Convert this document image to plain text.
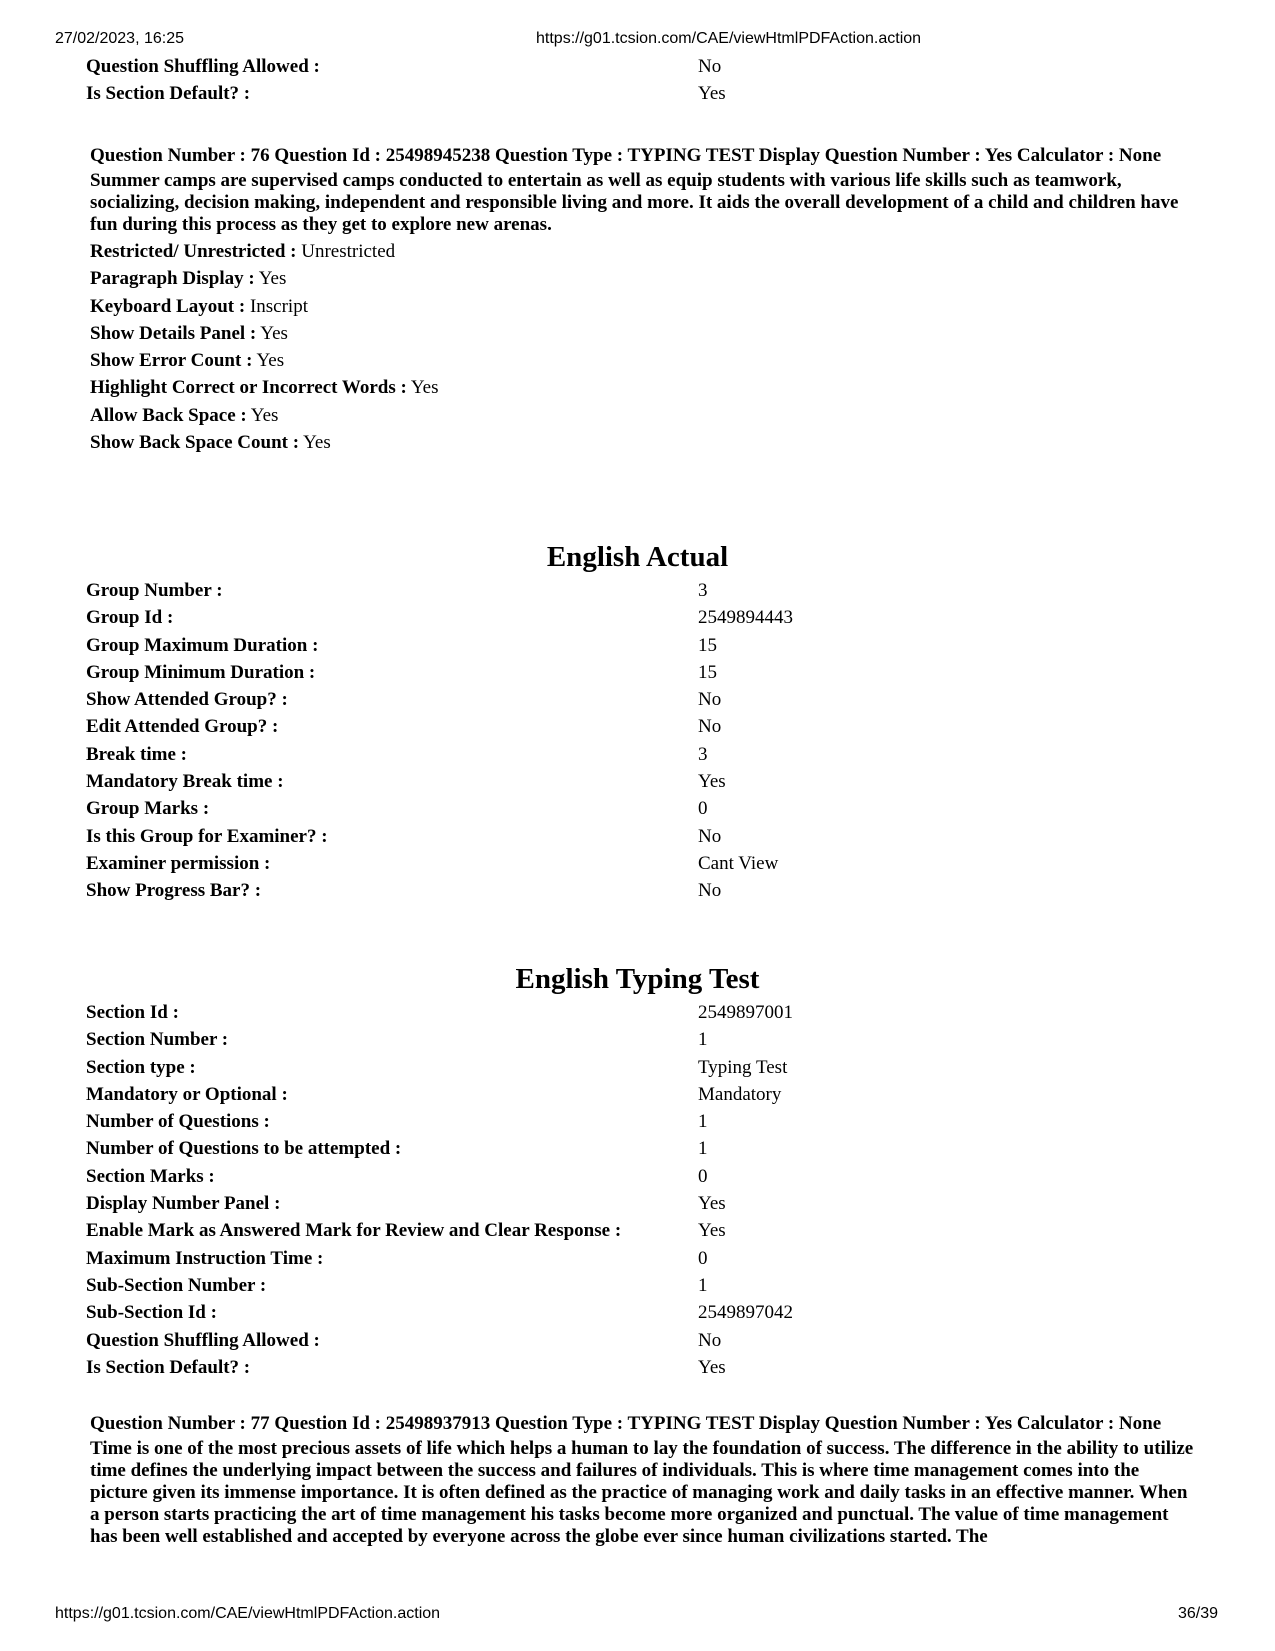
27/02/2023, 16:25	https://g01.tcsion.com/CAE/viewHtmlPDFAction.action
Question Shuffling Allowed :	No
Is Section Default? :	Yes
Question Number : 76 Question Id : 25498945238 Question Type : TYPING TEST Display Question Number : Yes Calculator : None
Summer camps are supervised camps conducted to entertain as well as equip students with various life skills such as teamwork, socializing, decision making, independent and responsible living and more. It aids the overall development of a child and children have fun during this process as they get to explore new arenas.
Restricted/ Unrestricted : Unrestricted
Paragraph Display : Yes
Keyboard Layout : Inscript
Show Details Panel : Yes
Show Error Count : Yes
Highlight Correct or Incorrect Words : Yes
Allow Back Space : Yes
Show Back Space Count : Yes
English Actual
Group Number :	3
Group Id :	2549894443
Group Maximum Duration :	15
Group Minimum Duration :	15
Show Attended Group? :	No
Edit Attended Group? :	No
Break time :	3
Mandatory Break time :	Yes
Group Marks :	0
Is this Group for Examiner? :	No
Examiner permission :	Cant View
Show Progress Bar? :	No
English Typing Test
Section Id :	2549897001
Section Number :	1
Section type :	Typing Test
Mandatory or Optional :	Mandatory
Number of Questions :	1
Number of Questions to be attempted :	1
Section Marks :	0
Display Number Panel :	Yes
Enable Mark as Answered Mark for Review and Clear Response :	Yes
Maximum Instruction Time :	0
Sub-Section Number :	1
Sub-Section Id :	2549897042
Question Shuffling Allowed :	No
Is Section Default? :	Yes
Question Number : 77 Question Id : 25498937913 Question Type : TYPING TEST Display Question Number : Yes Calculator : None
Time is one of the most precious assets of life which helps a human to lay the foundation of success. The difference in the ability to utilize time defines the underlying impact between the success and failures of individuals. This is where time management comes into the picture given its immense importance. It is often defined as the practice of managing work and daily tasks in an effective manner. When a person starts practicing the art of time management his tasks become more organized and punctual. The value of time management has been well established and accepted by everyone across the globe ever since human civilizations started. The
https://g01.tcsion.com/CAE/viewHtmlPDFAction.action	36/39
